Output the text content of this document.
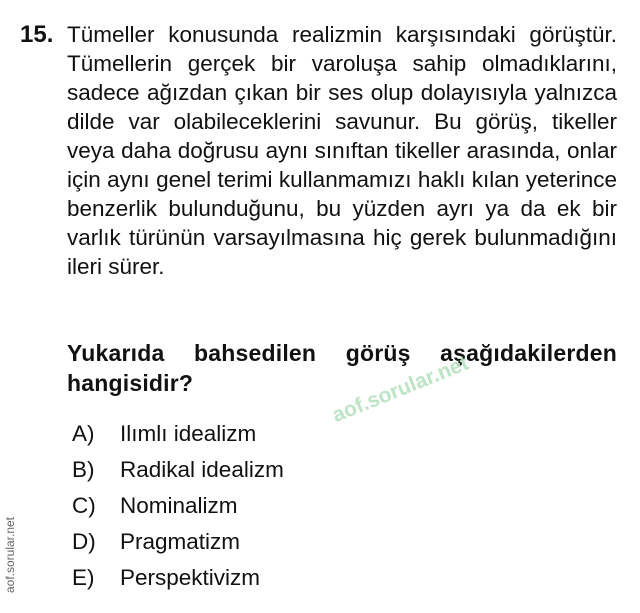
15. Tümeller konusunda realizmin karşısındaki görüştür. Tümellerin gerçek bir varoluşa sahip olmadıklarını, sadece ağızdan çıkan bir ses olup dolayısıyla yalnızca dilde var olabileceklerini savunur. Bu görüş, tikeller veya daha doğrusu aynı sınıftan tikeller arasında, onlar için aynı genel terimi kullanmamızı haklı kılan yeterince benzerlik bulunduğunu, bu yüzden ayrı ya da ek bir varlık türünün varsayılmasına hiç gerek bulunmadığını ileri sürer.

Yukarıda bahsedilen görüş aşağıdakilerden hangisidir?

A)	Ilımlı idealizm
B)	Radikal idealizm
C)	Nominalizm
D)	Pragmatizm
E)	Perspektivizm
aof.sorular.net
aof.sorular.net
